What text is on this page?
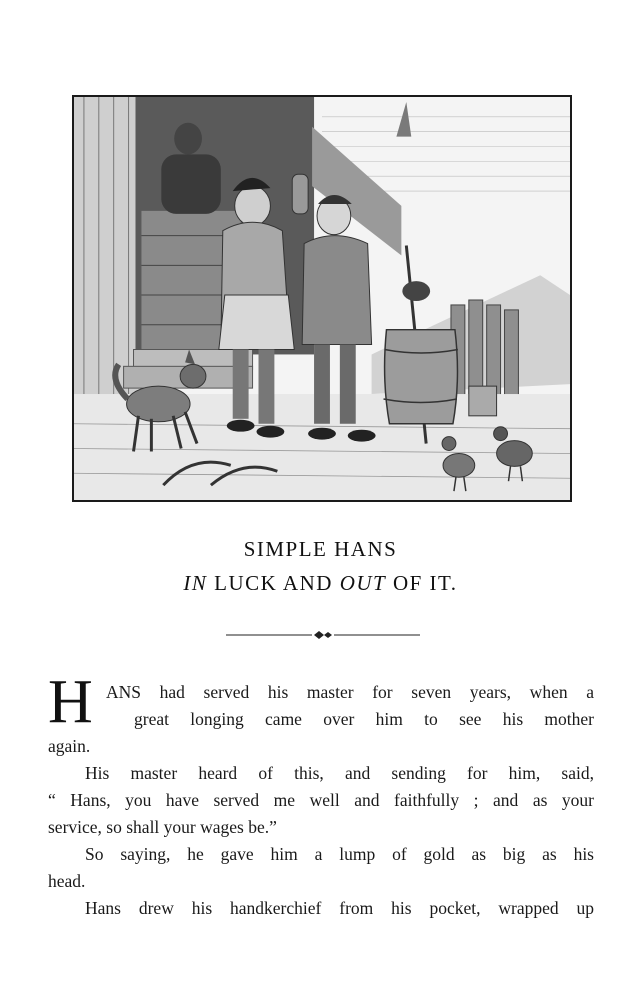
SIMPLE HANS
IN LUCK AND OUT OF IT.
H ANS had served his master for seven years, when a
great longing came over him to see his mother
again.
His master heard of this, and sending for him, said,
“ Hans, you have served me well and faithfully ; and as your
service, so shall your wages be.”
So saying, he gave him a lump of gold as big as his
head.
Hans drew his handkerchief from his pocket, wrapped up
